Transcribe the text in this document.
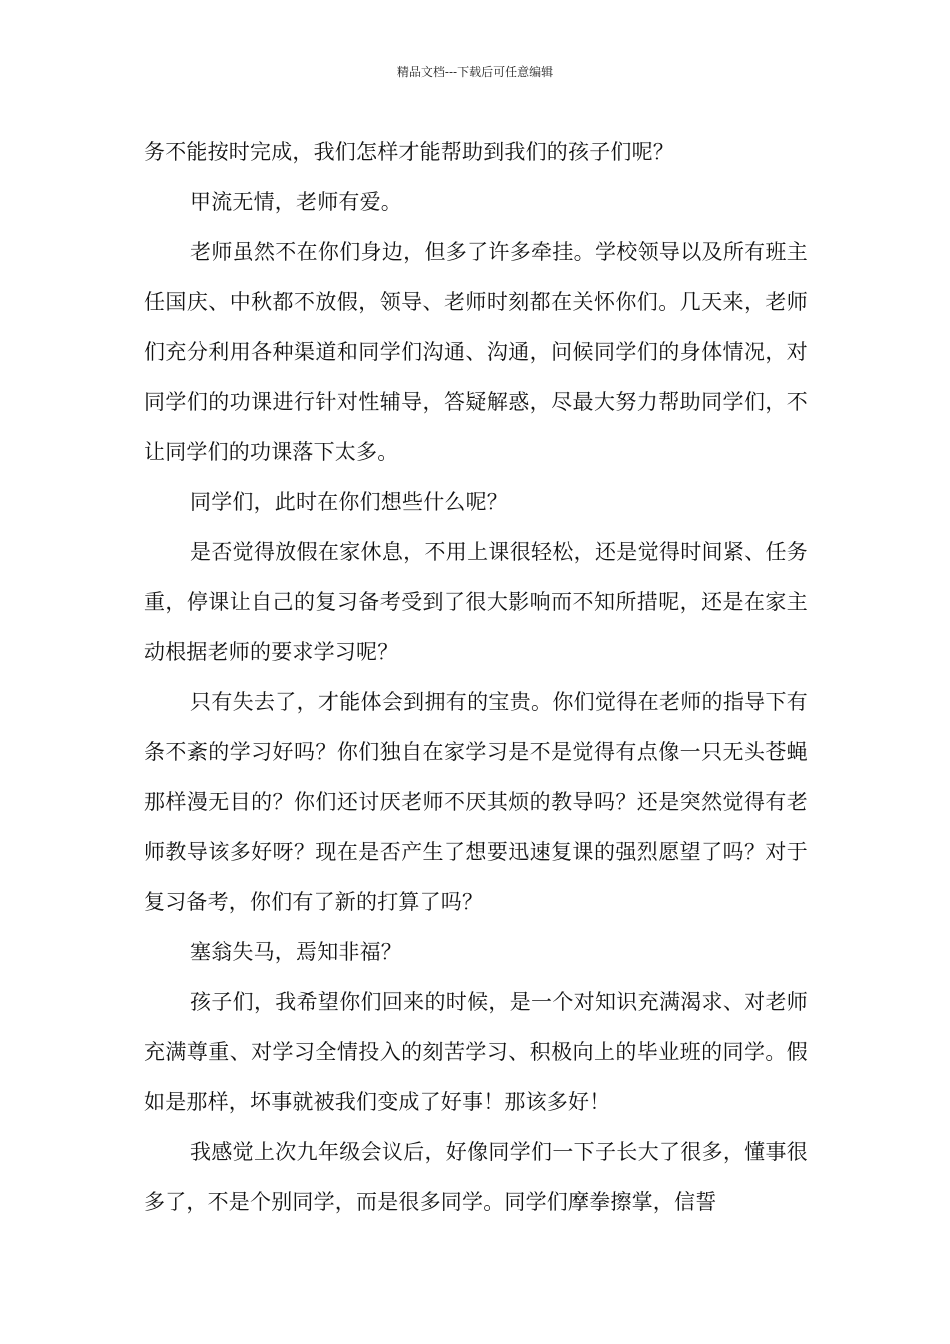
精品文档---下载后可任意编辑

务不能按时完成，我们怎样才能帮助到我们的孩子们呢？

甲流无情，老师有爱。

老师虽然不在你们身边，但多了许多牵挂。学校领导以及所有班主任国庆、中秋都不放假，领导、老师时刻都在关怀你们。几天来，老师们充分利用各种渠道和同学们沟通、沟通，问候同学们的身体情况，对同学们的功课进行针对性辅导，答疑解惑，尽最大努力帮助同学们，不让同学们的功课落下太多。

同学们，此时在你们想些什么呢？

是否觉得放假在家休息，不用上课很轻松，还是觉得时间紧、任务重，停课让自己的复习备考受到了很大影响而不知所措呢，还是在家主动根据老师的要求学习呢？

只有失去了，才能体会到拥有的宝贵。你们觉得在老师的指导下有条不紊的学习好吗？你们独自在家学习是不是觉得有点像一只无头苍蝇那样漫无目的？你们还讨厌老师不厌其烦的教导吗？还是突然觉得有老师教导该多好呀？现在是否产生了想要迅速复课的强烈愿望了吗？对于复习备考，你们有了新的打算了吗？

塞翁失马，焉知非福？

孩子们，我希望你们回来的时候，是一个对知识充满渴求、对老师充满尊重、对学习全情投入的刻苦学习、积极向上的毕业班的同学。假如是那样，坏事就被我们变成了好事！那该多好！

我感觉上次九年级会议后，好像同学们一下子长大了很多，懂事很多了，不是个别同学，而是很多同学。同学们摩拳擦掌，信誓
